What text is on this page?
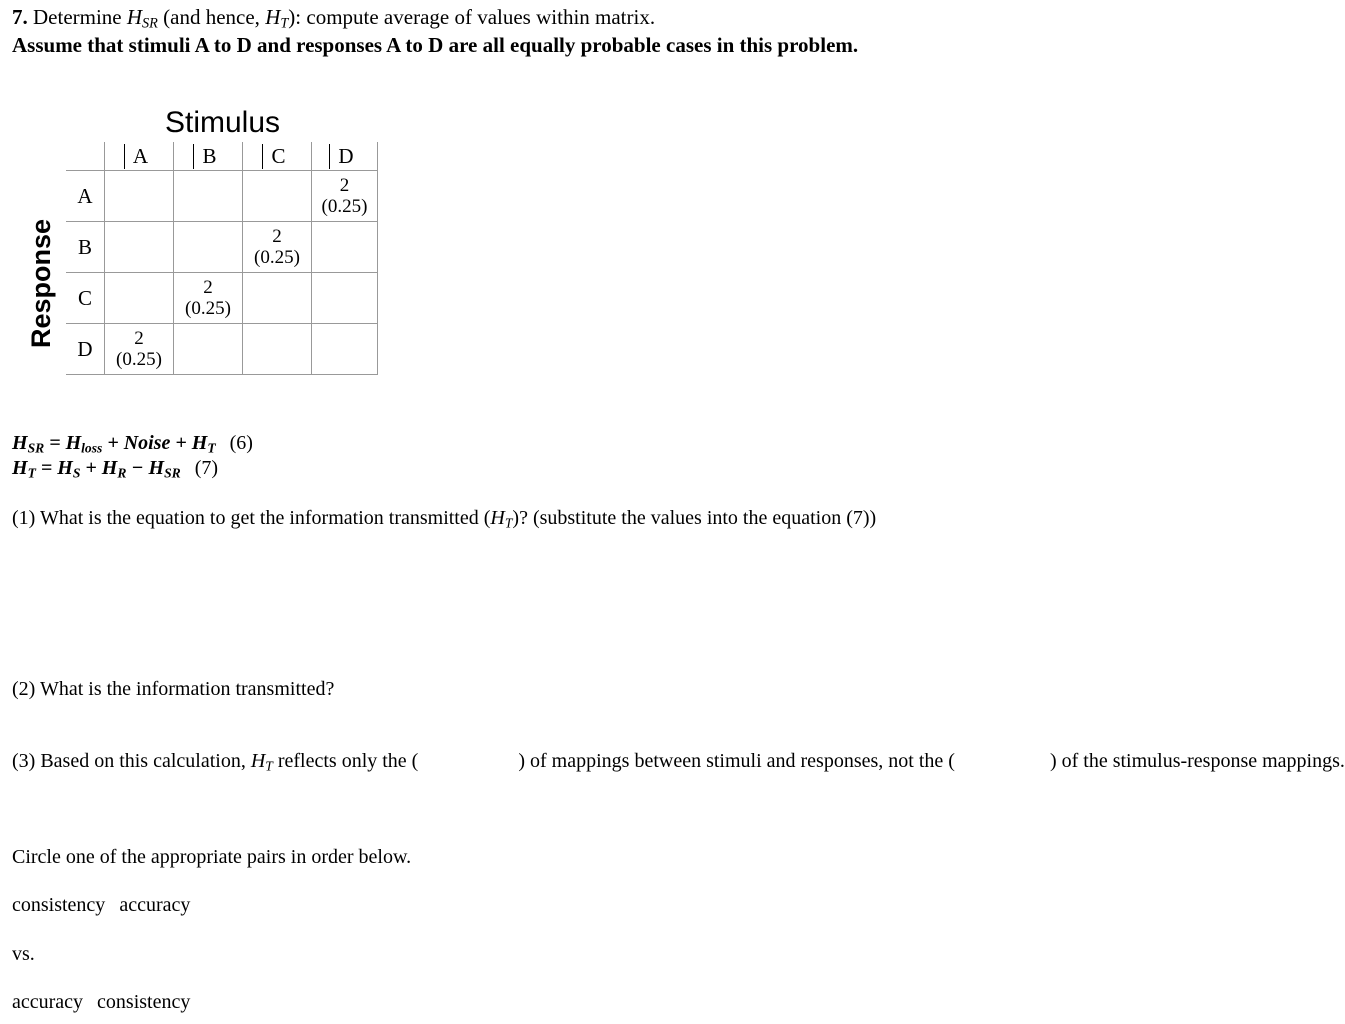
7. Determine $H_{SR}$ (and hence, $H_T$): compute average of values within matrix.
Assume that stimuli A to D and responses A to D are all equally probable cases in this problem.
Stimulus
Response
	A	B	C	D
A				2
(0.25)
B			2
(0.25)	
C		2
(0.25)		
D	2
(0.25)			
$H_{SR} = H_{loss}$ + Noise + $H_T$ (6)
$H_T = H_S + H_R - H_{SR}$ (7)
(1) What is the equation to get the information transmitted $(H_T)$? (substitute the values into the equation (7))
(2) What is the information transmitted?
(3) Based on this calculation, $H_T$ reflects only the (	) of mappings between stimuli and responses, not the (	) of the stimulus-response mappings.
Circle one of the appropriate pairs in order below.
consistency accuracy
vs.
accuracy consistency
